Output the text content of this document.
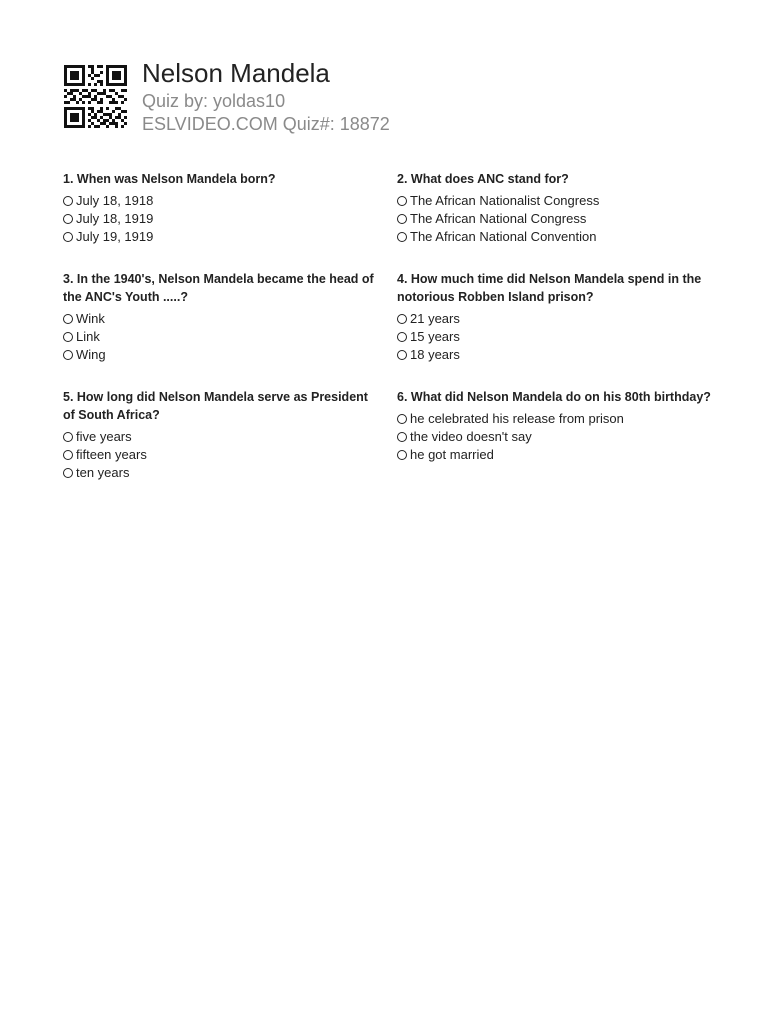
Nelson Mandela
Quiz by: yoldas10
ESLVIDEO.COM Quiz#: 18872

1. When was Nelson Mandela born?

July 18, 1918
July 18, 1919
July 19, 1919

2. What does ANC stand for?

The African Nationalist Congress
The African National Congress
The African National Convention

3. In the 1940's, Nelson Mandela became the head of the ANC's Youth .....?

Wink
Link
Wing

4. How much time did Nelson Mandela spend in the notorious Robben Island prison?

21 years
15 years
18 years

5. How long did Nelson Mandela serve as President of South Africa?

five years
fifteen years
ten years

6. What did Nelson Mandela do on his 80th birthday?

he celebrated his release from prison
the video doesn't say
he got married
